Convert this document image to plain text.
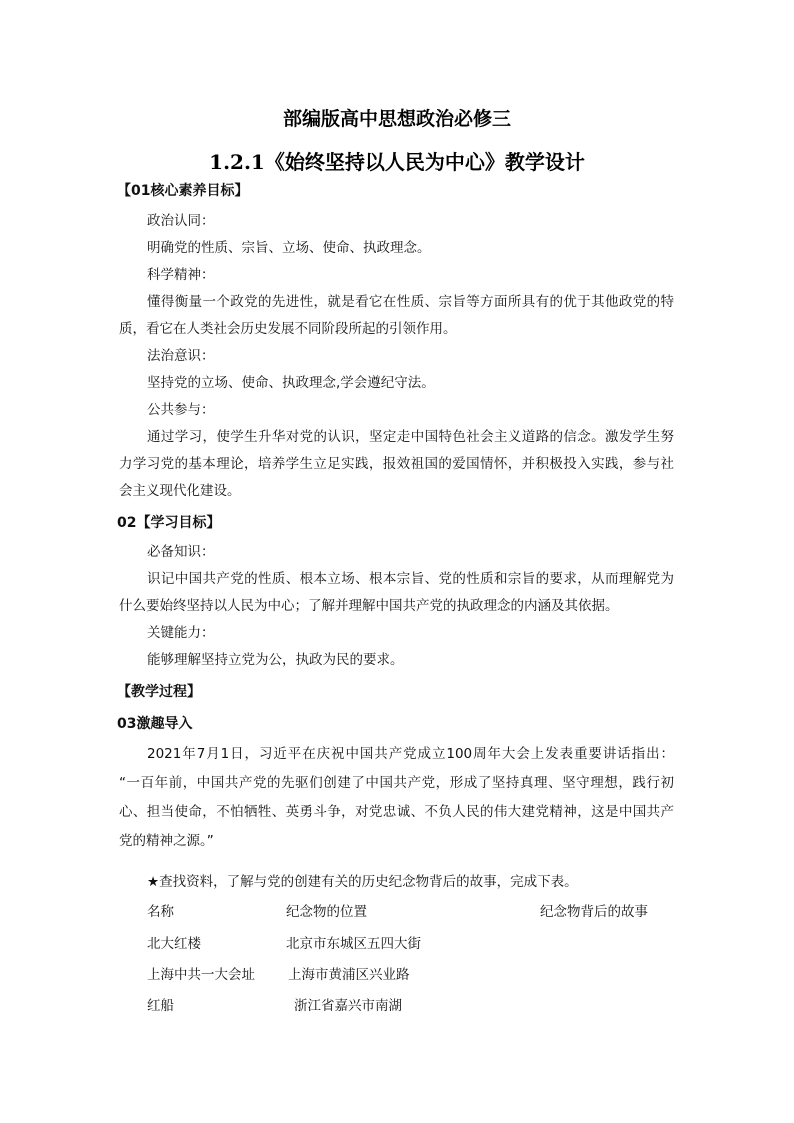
部编版高中思想政治必修三
1.2.1《始终坚持以人民为中心》教学设计
【01核心素养目标】
政治认同：
明确党的性质、宗旨、立场、使命、执政理念。
科学精神：
懂得衡量一个政党的先进性，就是看它在性质、宗旨等方面所具有的优于其他政党的特
质，看它在人类社会历史发展不同阶段所起的引领作用。
法治意识：
坚持党的立场、使命、执政理念,学会遵纪守法。
公共参与：
通过学习，使学生升华对党的认识，坚定走中国特色社会主义道路的信念。激发学生努
力学习党的基本理论，培养学生立足实践，报效祖国的爱国情怀，并积极投入实践，参与社
会主义现代化建设。
02【学习目标】
必备知识：
识记中国共产党的性质、根本立场、根本宗旨、党的性质和宗旨的要求，从而理解党为
什么要始终坚持以人民为中心；了解并理解中国共产党的执政理念的内涵及其依据。
关键能力：
能够理解坚持立党为公，执政为民的要求。
【教学过程】
03激趣导入
2021年7月1日，习近平在庆祝中国共产党成立100周年大会上发表重要讲话指出：
“一百年前，中国共产党的先驱们创建了中国共产党，形成了坚持真理、坚守理想，践行初
心、担当使命，不怕牺牲、英勇斗争，对党忠诚、不负人民的伟大建党精神，这是中国共产
党的精神之源。”
★查找资料，了解与党的创建有关的历史纪念物背后的故事，完成下表。
名称	纪念物的位置	纪念物背后的故事
北大红楼	北京市东城区五四大街
上海中共一大会址 上海市黄浦区兴业路
红船	浙江省嘉兴市南湖
